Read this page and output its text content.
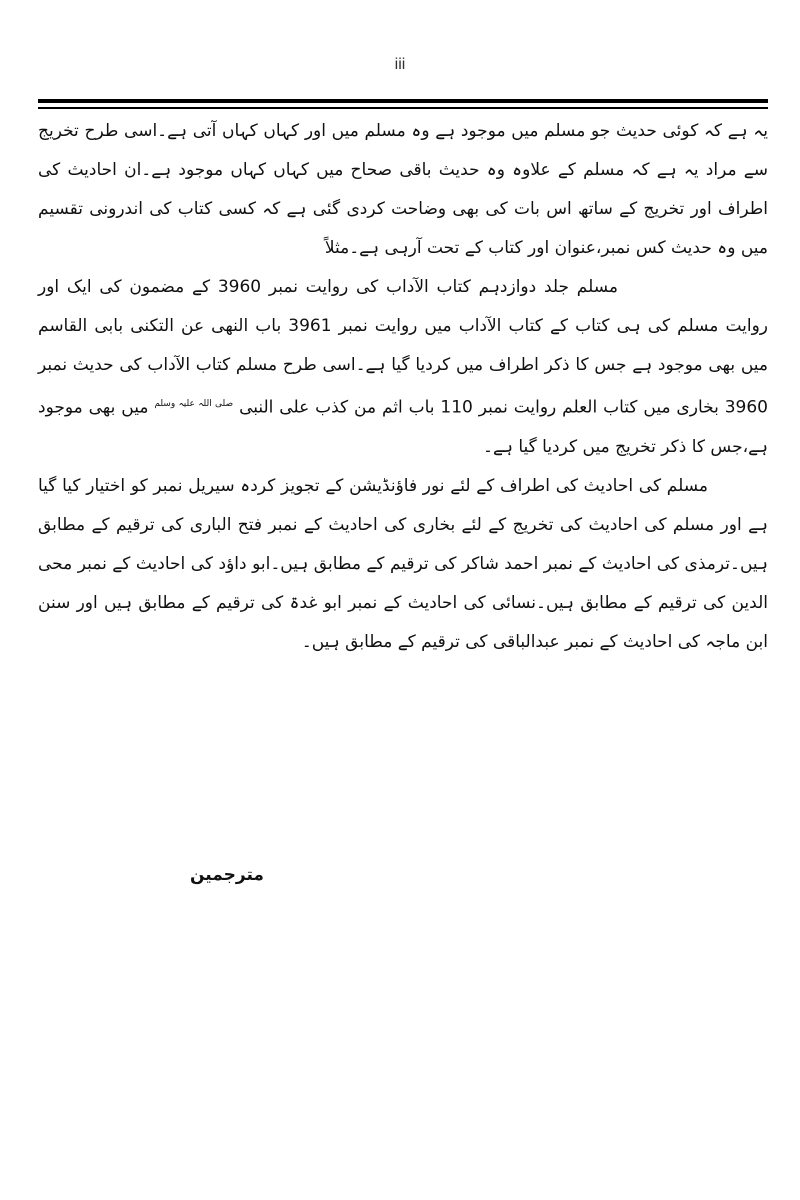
iii

یہ ہے کہ کوئی حدیث جو مسلم میں موجود ہے وہ مسلم میں اور کہاں کہاں آتی ہے۔اسی طرح تخریج سے مراد یہ ہے کہ مسلم کے علاوہ وہ حدیث باقی صحاح میں کہاں کہاں موجود ہے۔ان احادیث کی اطراف اور تخریج کے ساتھ اس بات کی بھی وضاحت کردی گئی ہے کہ کسی کتاب کی اندرونی تقسیم میں وہ حدیث کس نمبر،عنوان اور کتاب کے تحت آرہی ہے۔مثلاً

مسلم جلد دوازدہم کتاب الآداب کی روایت نمبر 3960 کے مضمون کی ایک اور روایت مسلم کی ہی کتاب کے کتاب الآداب میں روایت نمبر 3961 باب النھی عن التکنی بابی القاسم میں بھی موجود ہے جس کا ذکر اطراف میں کردیا گیا ہے۔اسی طرح مسلم کتاب الآداب کی حدیث نمبر 3960 بخاری میں کتاب العلم روایت نمبر 110 باب اثم من کذب علی النبی $^{صلی اللہ علیہ وسلم}$ میں بھی موجود ہے،جس کا ذکر تخریج میں کردیا گیا ہے۔

مسلم کی احادیث کی اطراف کے لئے نور فاؤنڈیشن کے تجویز کردہ سیریل نمبر کو اختیار کیا گیا ہے اور مسلم کی احادیث کی تخریج کے لئے بخاری کی احادیث کے نمبر فتح الباری کی ترقیم کے مطابق ہیں۔ترمذی کی احادیث کے نمبر احمد شاکر کی ترقیم کے مطابق ہیں۔ابو داؤد کی احادیث کے نمبر محی الدین کی ترقیم کے مطابق ہیں۔نسائی کی احادیث کے نمبر ابو غدۃ کی ترقیم کے مطابق ہیں اور سنن ابن ماجہ کی احادیث کے نمبر عبدالباقی کی ترقیم کے مطابق ہیں۔

مترجمین
